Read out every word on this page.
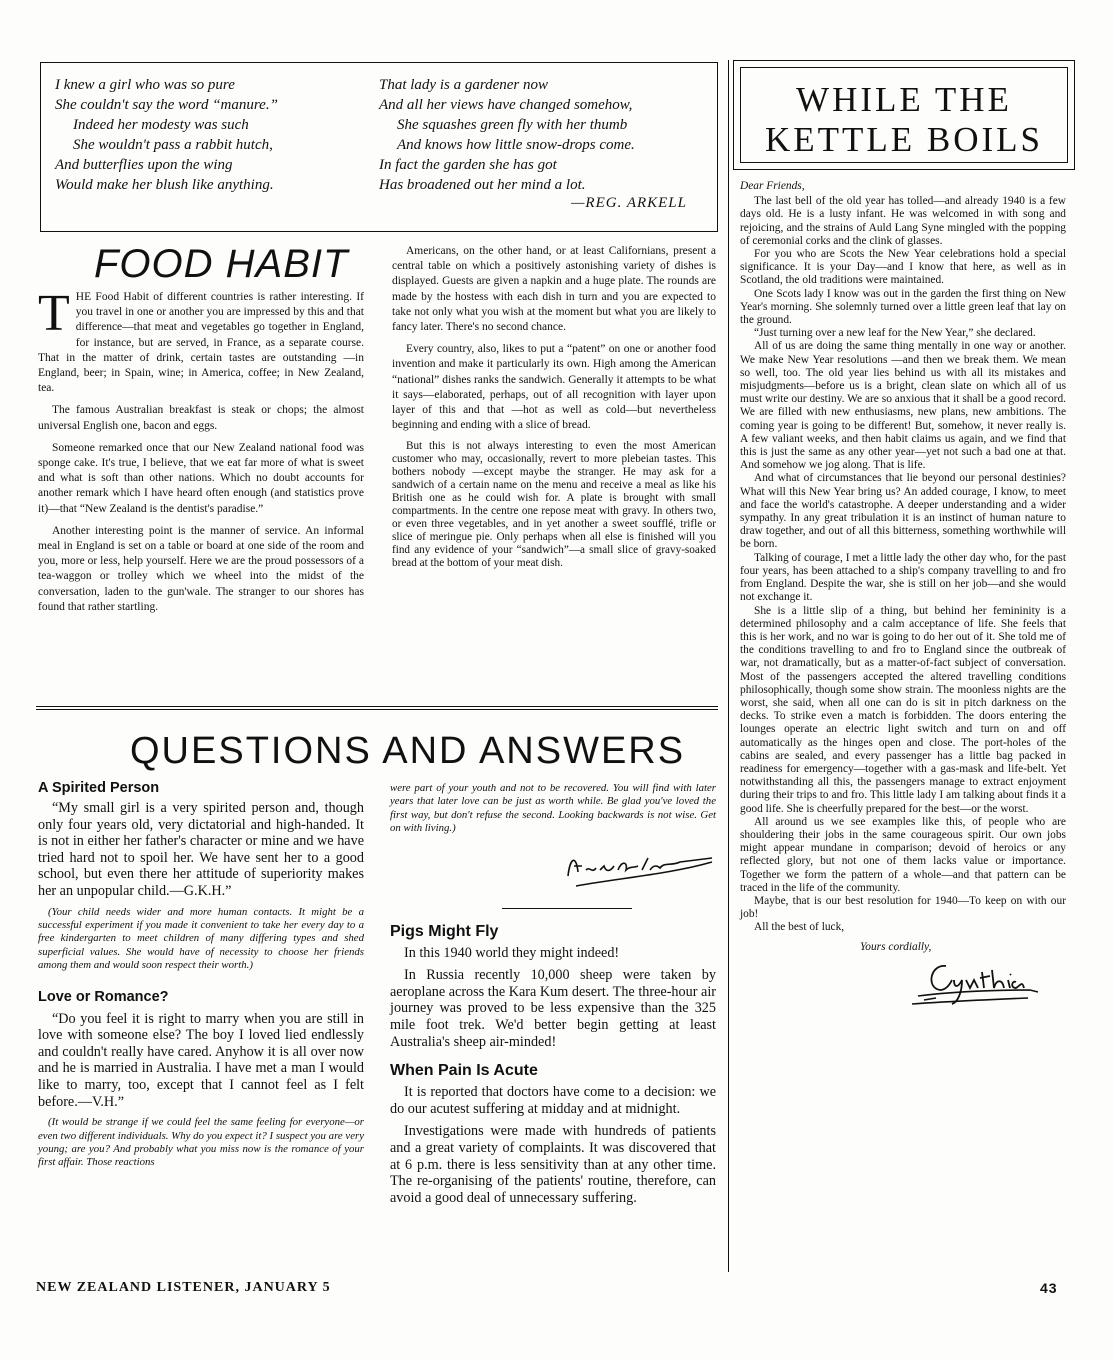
I knew a girl who was so pure
She couldn't say the word “manure.”
Indeed her modesty was such
She wouldn't pass a rabbit hutch,
And butterflies upon the wing
Would make her blush like anything.

That lady is a gardener now
And all her views have changed somehow,
She squashes green fly with her thumb
And knows how little snow-drops come.
In fact the garden she has got
Has broadened out her mind a lot.

—REG. ARKELL
FOOD HABIT

THE Food Habit of different countries is rather interesting. If you travel in one or another you are impressed by this and that difference—that meat and vegetables go together in England, for instance, but are served, in France, as a separate course. That in the matter of drink, certain tastes are outstanding —in England, beer; in Spain, wine; in America, coffee; in New Zealand, tea.

The famous Australian breakfast is steak or chops; the almost universal English one, bacon and eggs.

Someone remarked once that our New Zealand national food was sponge cake. It's true, I believe, that we eat far more of what is sweet and what is soft than other nations. Which no doubt accounts for another remark which I have heard often enough (and statistics prove it)—that “New Zealand is the dentist's paradise.”

Another interesting point is the manner of service. An informal meal in England is set on a table or board at one side of the room and you, more or less, help yourself. Here we are the proud possessors of a tea-waggon or trolley which we wheel into the midst of the conversation, laden to the gun'wale. The stranger to our shores has found that rather startling.

Americans, on the other hand, or at least Californians, present a central table on which a positively astonishing variety of dishes is displayed. Guests are given a napkin and a huge plate. The rounds are made by the hostess with each dish in turn and you are expected to take not only what you wish at the moment but what you are likely to fancy later. There's no second chance.

Every country, also, likes to put a “patent” on one or another food invention and make it particularly its own. High among the American “national” dishes ranks the sandwich. Generally it attempts to be what it says—elaborated, perhaps, out of all recognition with layer upon layer of this and that —hot as well as cold—but nevertheless beginning and ending with a slice of bread.

But this is not always interesting to even the most American customer who may, occasionally, revert to more plebeian tastes. This bothers nobody —except maybe the stranger. He may ask for a sandwich of a certain name on the menu and receive a meal as like his British one as he could wish for. A plate is brought with small compartments. In the centre one repose meat with gravy. In others two, or even three vegetables, and in yet another a sweet soufflé, trifle or slice of meringue pie. Only perhaps when all else is finished will you find any evidence of your “sandwich”—a small slice of gravy-soaked bread at the bottom of your meat dish.

QUESTIONS AND ANSWERS
A Spirited Person

“My small girl is a very spirited person and, though only four years old, very dictatorial and high-handed. It is not in either her father's character or mine and we have tried hard not to spoil her. We have sent her to a good school, but even there her attitude of superiority makes her an unpopular child.—G.K.H.”

(Your child needs wider and more human contacts. It might be a successful experiment if you made it convenient to take her every day to a free kindergarten to meet children of many differing types and shed superficial values. She would have of necessity to choose her friends among them and would soon respect their worth.)
Love or Romance?

“Do you feel it is right to marry when you are still in love with someone else? The boy I loved lied endlessly and couldn't really have cared. Anyhow it is all over now and he is married in Australia. I have met a man I would like to marry, too, except that I cannot feel as I felt before.—V.H.”

(It would be strange if we could feel the same feeling for everyone—or even two different individuals. Why do you expect it? I suspect you are very young; are you? And probably what you miss now is the romance of your first affair. Those reactions
were part of your youth and not to be recovered. You will find with later years that later love can be just as worth while. Be glad you've loved the first way, but don't refuse the second. Looking backwards is not wise. Get on with living.)
Pigs Might Fly

In this 1940 world they might indeed!

In Russia recently 10,000 sheep were taken by aeroplane across the Kara Kum desert. The three-hour air journey was proved to be less expensive than the 325 mile foot trek. We'd better begin getting at least Australia's sheep air-minded!

When Pain Is Acute

It is reported that doctors have come to a decision: we do our acutest suffering at midday and at midnight.

Investigations were made with hundreds of patients and a great variety of complaints. It was discovered that at 6 p.m. there is less sensitivity than at any other time. The re-organising of the patients' routine, therefore, can avoid a good deal of unnecessary suffering.

WHILE THE
KETTLE BOILS
Dear Friends,

The last bell of the old year has tolled—and already 1940 is a few days old. He is a lusty infant. He was welcomed in with song and rejoicing, and the strains of Auld Lang Syne mingled with the popping of ceremonial corks and the clink of glasses.

For you who are Scots the New Year celebrations hold a special significance. It is your Day—and I know that here, as well as in Scotland, the old traditions were maintained.

One Scots lady I know was out in the garden the first thing on New Year's morning. She solemnly turned over a little green leaf that lay on the ground.

“Just turning over a new leaf for the New Year,” she declared.

All of us are doing the same thing mentally in one way or another. We make New Year resolutions —and then we break them. We mean so well, too. The old year lies behind us with all its mistakes and misjudgments—before us is a bright, clean slate on which all of us must write our destiny. We are so anxious that it shall be a good record. We are filled with new enthusiasms, new plans, new ambitions. The coming year is going to be different! But, somehow, it never really is. A few valiant weeks, and then habit claims us again, and we find that this is just the same as any other year—yet not such a bad one at that. And somehow we jog along. That is life.

And what of circumstances that lie beyond our personal destinies? What will this New Year bring us? An added courage, I know, to meet and face the world's catastrophe. A deeper understanding and a wider sympathy. In any great tribulation it is an instinct of human nature to draw together, and out of all this bitterness, something worthwhile will be born.

Talking of courage, I met a little lady the other day who, for the past four years, has been attached to a ship's company travelling to and fro from England. Despite the war, she is still on her job—and she would not exchange it.

She is a little slip of a thing, but behind her femininity is a determined philosophy and a calm acceptance of life. She feels that this is her work, and no war is going to do her out of it. She told me of the conditions travelling to and fro to England since the outbreak of war, not dramatically, but as a matter-of-fact subject of conversation. Most of the passengers accepted the altered travelling conditions philosophically, though some show strain. The moonless nights are the worst, she said, when all one can do is sit in pitch darkness on the decks. To strike even a match is forbidden. The doors entering the lounges operate an electric light switch and turn on and off automatically as the hinges open and close. The port-holes of the cabins are sealed, and every passenger has a little bag packed in readiness for emergency—together with a gas-mask and life-belt. Yet notwithstanding all this, the passengers manage to extract enjoyment during their trips to and fro. This little lady I am talking about finds it a good life. She is cheerfully prepared for the best—or the worst.

All around us we see examples like this, of people who are shouldering their jobs in the same courageous spirit. Our own jobs might appear mundane in comparison; devoid of heroics or any reflected glory, but not one of them lacks value or importance. Together we form the pattern of a whole—and that pattern can be traced in the life of the community.

Maybe, that is our best resolution for 1940—To keep on with our job!

All the best of luck,

Yours cordially,
NEW ZEALAND LISTENER, JANUARY 5	43
